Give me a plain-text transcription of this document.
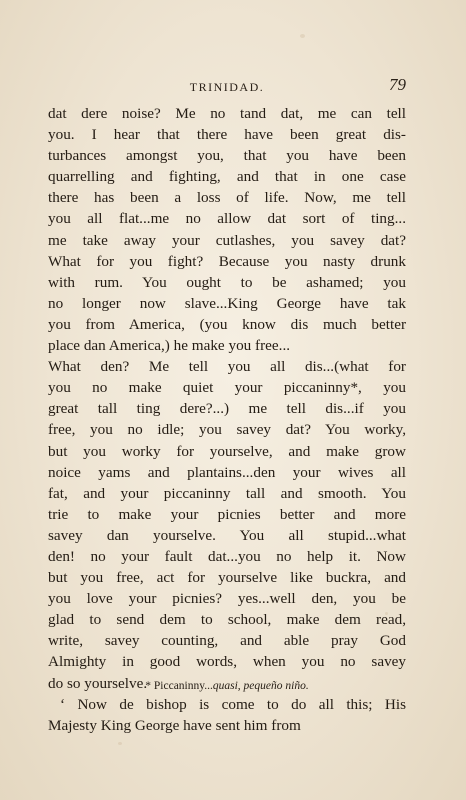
TRINIDAD.	79
dat dere noise? Me no tand dat, me can tell
you. I hear that there have been great dis-
turbances amongst you, that you have been
quarrelling and fighting, and that in one case
there has been a loss of life. Now, me tell
you all flat...me no allow dat sort of ting...
me take away your cutlashes, you savey dat?
What for you fight? Because you nasty drunk
with rum. You ought to be ashamed; you
no longer now slave...King George have tak
you from America, (you know dis much better
place dan America,) he make you free...
What den? Me tell you all dis...(what for
you no make quiet your piccaninny*, you
great tall ting dere?...) me tell dis...if you
free, you no idle; you savey dat? You worky,
but you worky for yourselve, and make grow
noice yams and plantains...den your wives all
fat, and your piccaninny tall and smooth. You
trie to make your picnies better and more
savey dan yourselve. You all stupid...what
den! no your fault dat...you no help it. Now
but you free, act for yourselve like buckra, and
you love your picnies? yes...well den, you be
glad to send dem to school, make dem read,
write, savey counting, and able pray God
Almighty in good words, when you no savey
do so yourselve.
‘ Now de bishop is come to do all this; His
Majesty King George have sent him from
* Piccaninny...quasi, pequeño niño.
